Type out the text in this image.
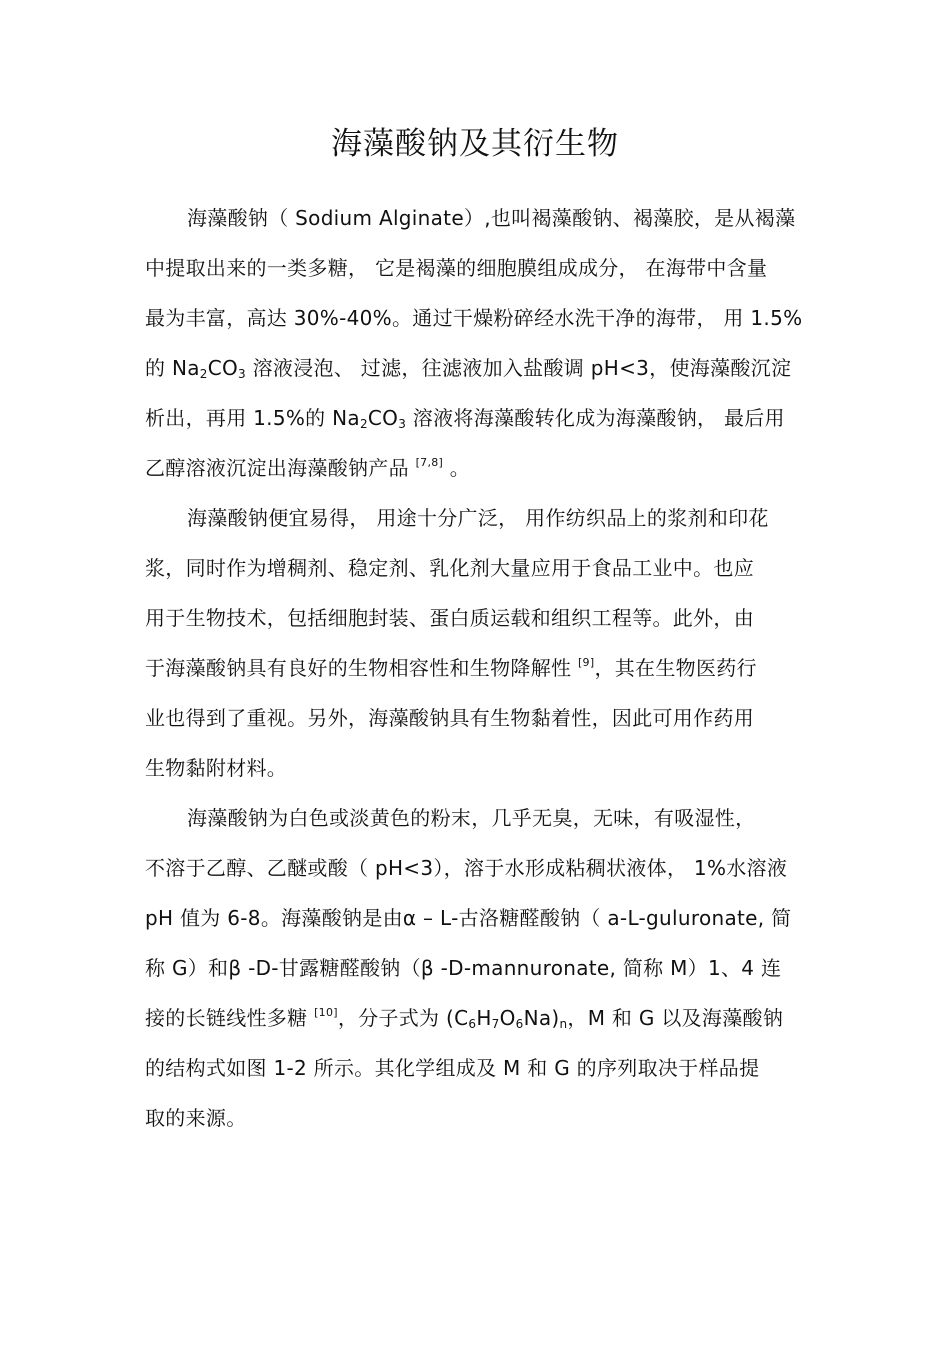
海藻酸钠及其衍生物
海藻酸钠（ Sodium Alginate）,也叫褐藻酸钠、褐藻胶，是从褐藻
中提取出来的一类多糖， 它是褐藻的细胞膜组成成分， 在海带中含量
最为丰富，高达 30%-40%。通过干燥粉碎经水洗干净的海带， 用 1.5%
的 $Na_2CO_3$ 溶液浸泡、 过滤，往滤液加入盐酸调 pH<3，使海藻酸沉淀
析出，再用 1.5%的 $Na_2CO_3$ 溶液将海藻酸转化成为海藻酸钠， 最后用
乙醇溶液沉淀出海藻酸钠产品 [7,8] 。
海藻酸钠便宜易得， 用途十分广泛， 用作纺织品上的浆剂和印花
浆，同时作为增稠剂、稳定剂、乳化剂大量应用于食品工业中。也应
用于生物技术，包括细胞封装、蛋白质运载和组织工程等。此外，由
于海藻酸钠具有良好的生物相容性和生物降解性 [9]，其在生物医药行
业也得到了重视。另外，海藻酸钠具有生物黏着性，因此可用作药用
生物黏附材料。
海藻酸钠为白色或淡黄色的粉末，几乎无臭，无味，有吸湿性，
不溶于乙醇、乙醚或酸（ pH<3），溶于水形成粘稠状液体， 1%水溶液
pH 值为 6-8。海藻酸钠是由α – L-古洛糖醛酸钠（ a-L-guluronate, 简
称 G）和β -D-甘露糖醛酸钠（β -D-mannuronate, 简称 M）1、4 连
接的长链线性多糖 [10]，分子式为 $(C_6H_7O_6Na)_n$，M 和 G 以及海藻酸钠
的结构式如图 1-2 所示。其化学组成及 M 和 G 的序列取决于样品提
取的来源。
